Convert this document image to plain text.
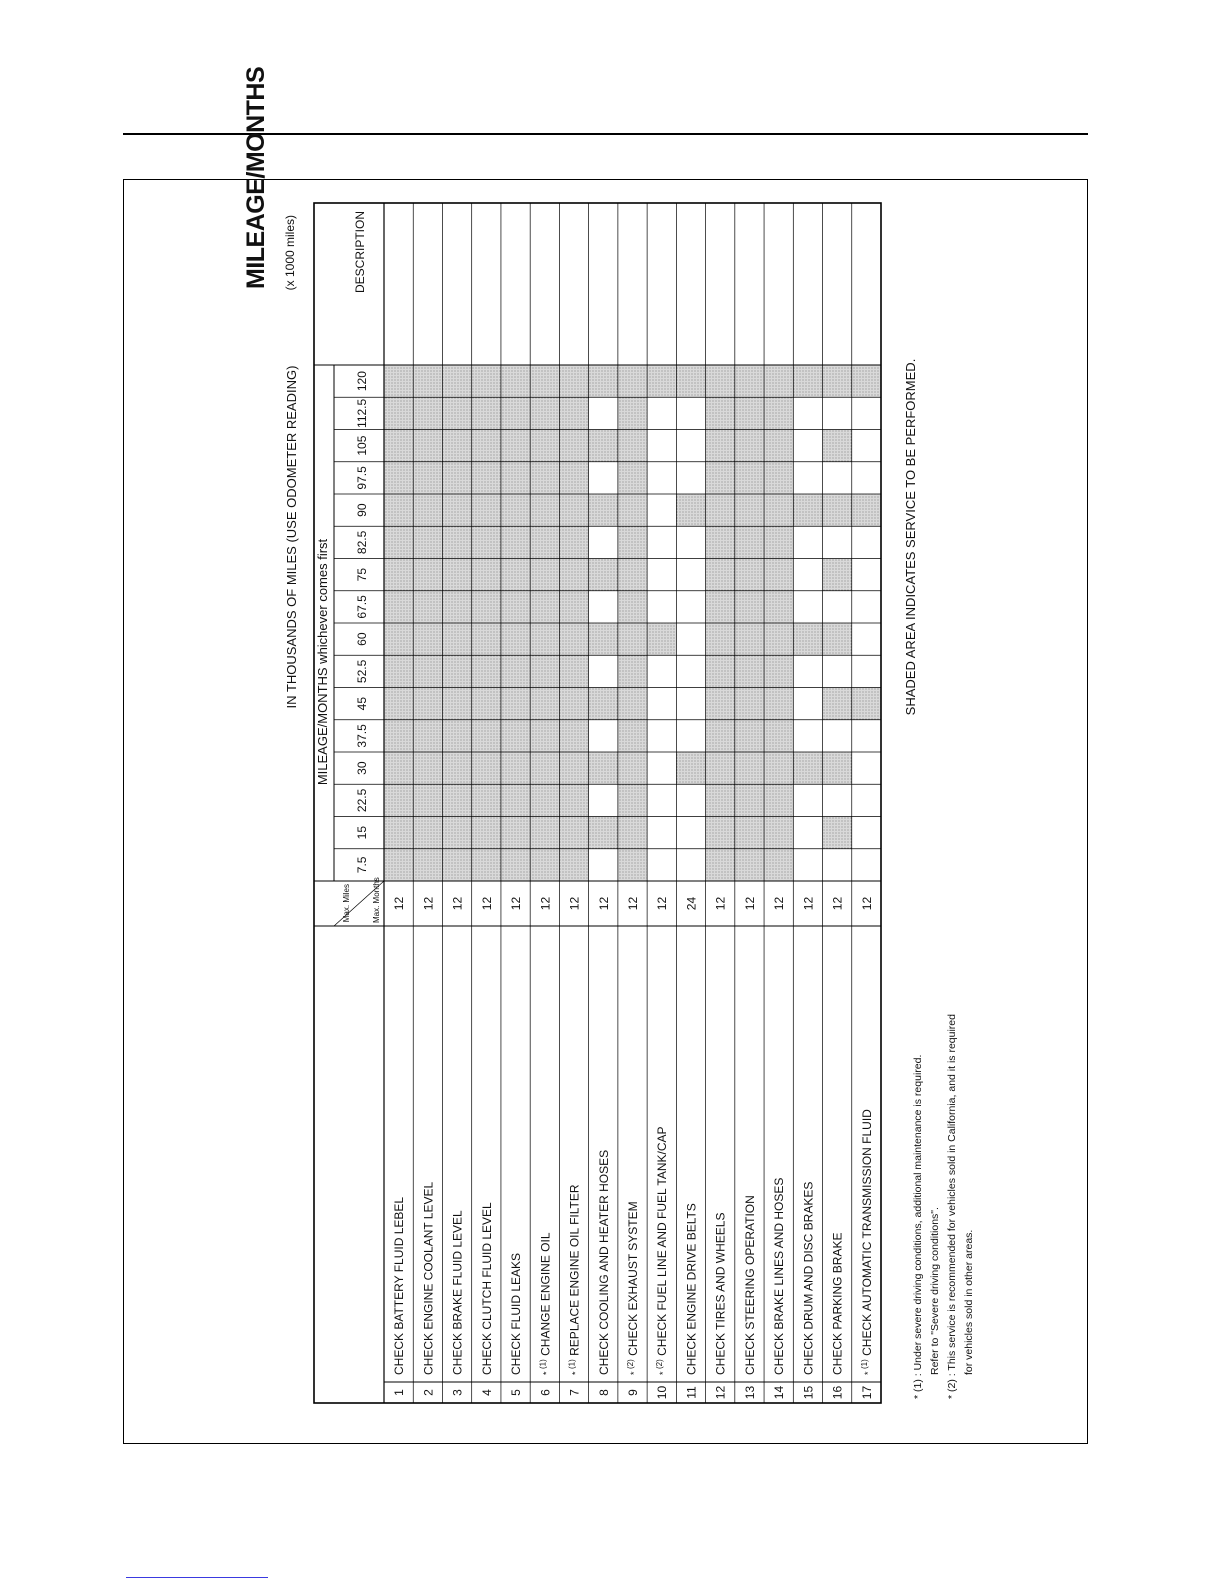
MILEAGE/MONTHS
MILEAGE/MONTHS whichever comes first
IN THOUSANDS OF MILES (USE ODOMETER READING)
(x 1000 miles)
Max. Miles	Max. Months
7.5
15
22.5
30
37.5
45
52.5
60
67.5
75
82.5
90
97.5
105
112.5
120
DESCRIPTION
1
CHECK BATTERY FLUID LEBEL
12
2
CHECK ENGINE COOLANT LEVEL
12
3
CHECK BRAKE FLUID LEVEL
12
4
CHECK CLUTCH FLUID LEVEL
12
5
CHECK FLUID LEAKS
12
6
* $^{(1)}$ CHANGE ENGINE OIL
12
7
* $^{(1)}$ REPLACE ENGINE OIL FILTER
12
8
CHECK COOLING AND HEATER HOSES
12
9
* $^{(2)}$ CHECK EXHAUST SYSTEM
12
10
* $^{(2)}$ CHECK FUEL LINE AND FUEL TANK/CAP
12
11
CHECK ENGINE DRIVE BELTS
24
12
CHECK TIRES AND WHEELS
12
13
CHECK STEERING OPERATION
12
14
CHECK BRAKE LINES AND HOSES
12
15
CHECK DRUM AND DISC BRAKES
12
16
CHECK PARKING BRAKE
12
17
* $^{(1)}$ CHECK AUTOMATIC TRANSMISSION FLUID
12
SHADED AREA INDICATES SERVICE TO BE PERFORMED.
* (1) : Under severe driving conditions, additional maintenance is required. Refer to "Severe driving conditions".
* (2) : This service is recommended for vehicles sold in California, and it is required for vehicles sold in other areas.
